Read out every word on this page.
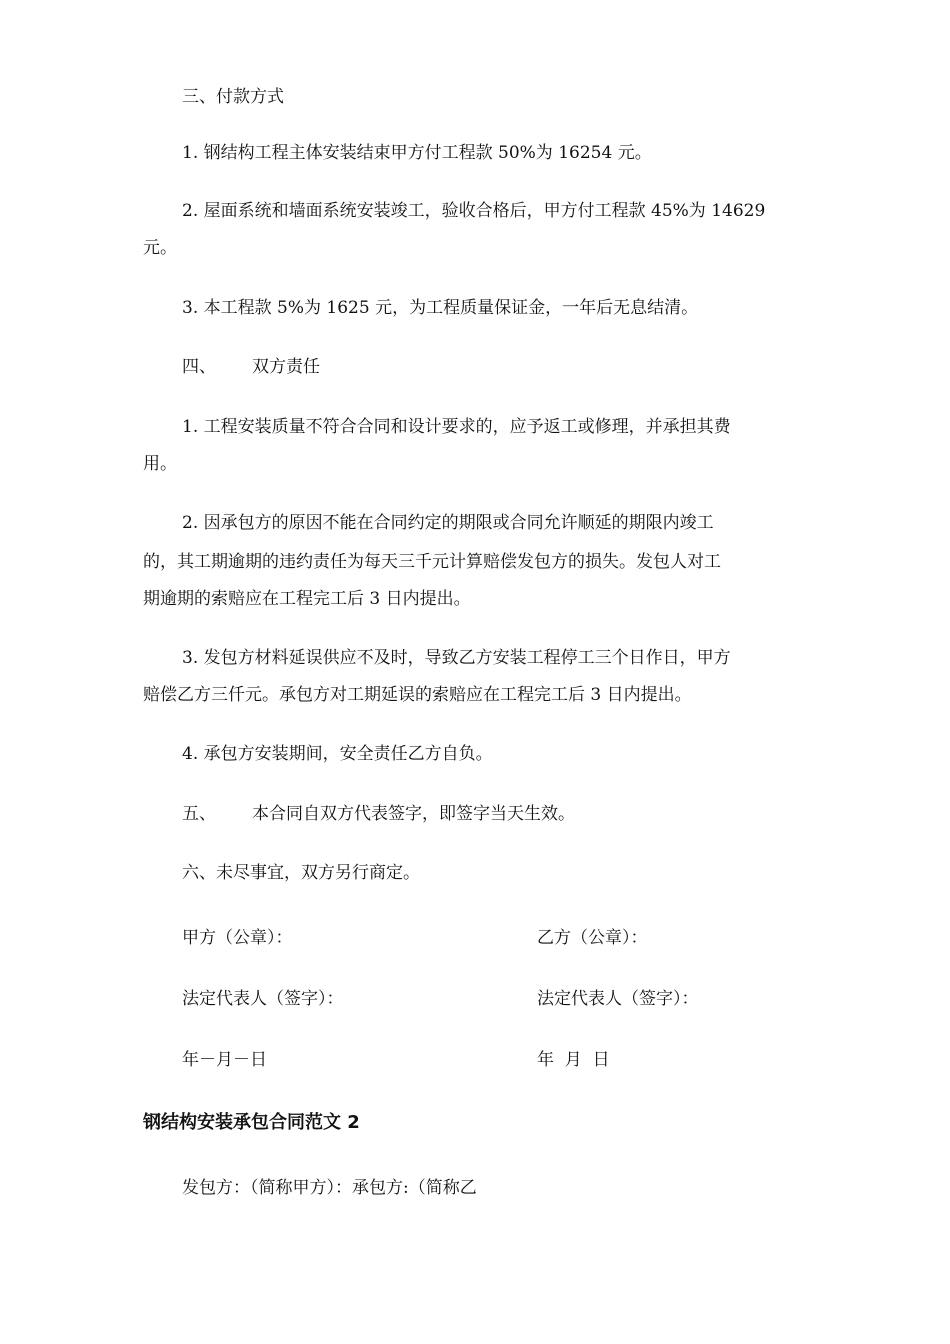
三、付款方式
1. 钢结构工程主体安装结束甲方付工程款 50%为 16254 元。
2. 屋面系统和墙面系统安装竣工，验收合格后，甲方付工程款 45%为 14629
元。
3. 本工程款 5%为 1625 元，为工程质量保证金，一年后无息结清。
四、 双方责任
1. 工程安装质量不符合合同和设计要求的，应予返工或修理，并承担其费
用。
2. 因承包方的原因不能在合同约定的期限或合同允许顺延的期限内竣工
的，其工期逾期的违约责任为每天三千元计算赔偿发包方的损失。发包人对工
期逾期的索赔应在工程完工后 3 日内提出。
3. 发包方材料延误供应不及时，导致乙方安装工程停工三个日作日，甲方
赔偿乙方三仟元。承包方对工期延误的索赔应在工程完工后 3 日内提出。
4. 承包方安装期间，安全责任乙方自负。
五、 本合同自双方代表签字，即签字当天生效。
六、未尽事宜，双方另行商定。
甲方（公章）：	乙方（公章）：
法定代表人（签字）：	法定代表人（签字）：
年－月－日	年  月  日
钢结构安装承包合同范文 2
发包方：（简称甲方）：承包方:（简称乙
